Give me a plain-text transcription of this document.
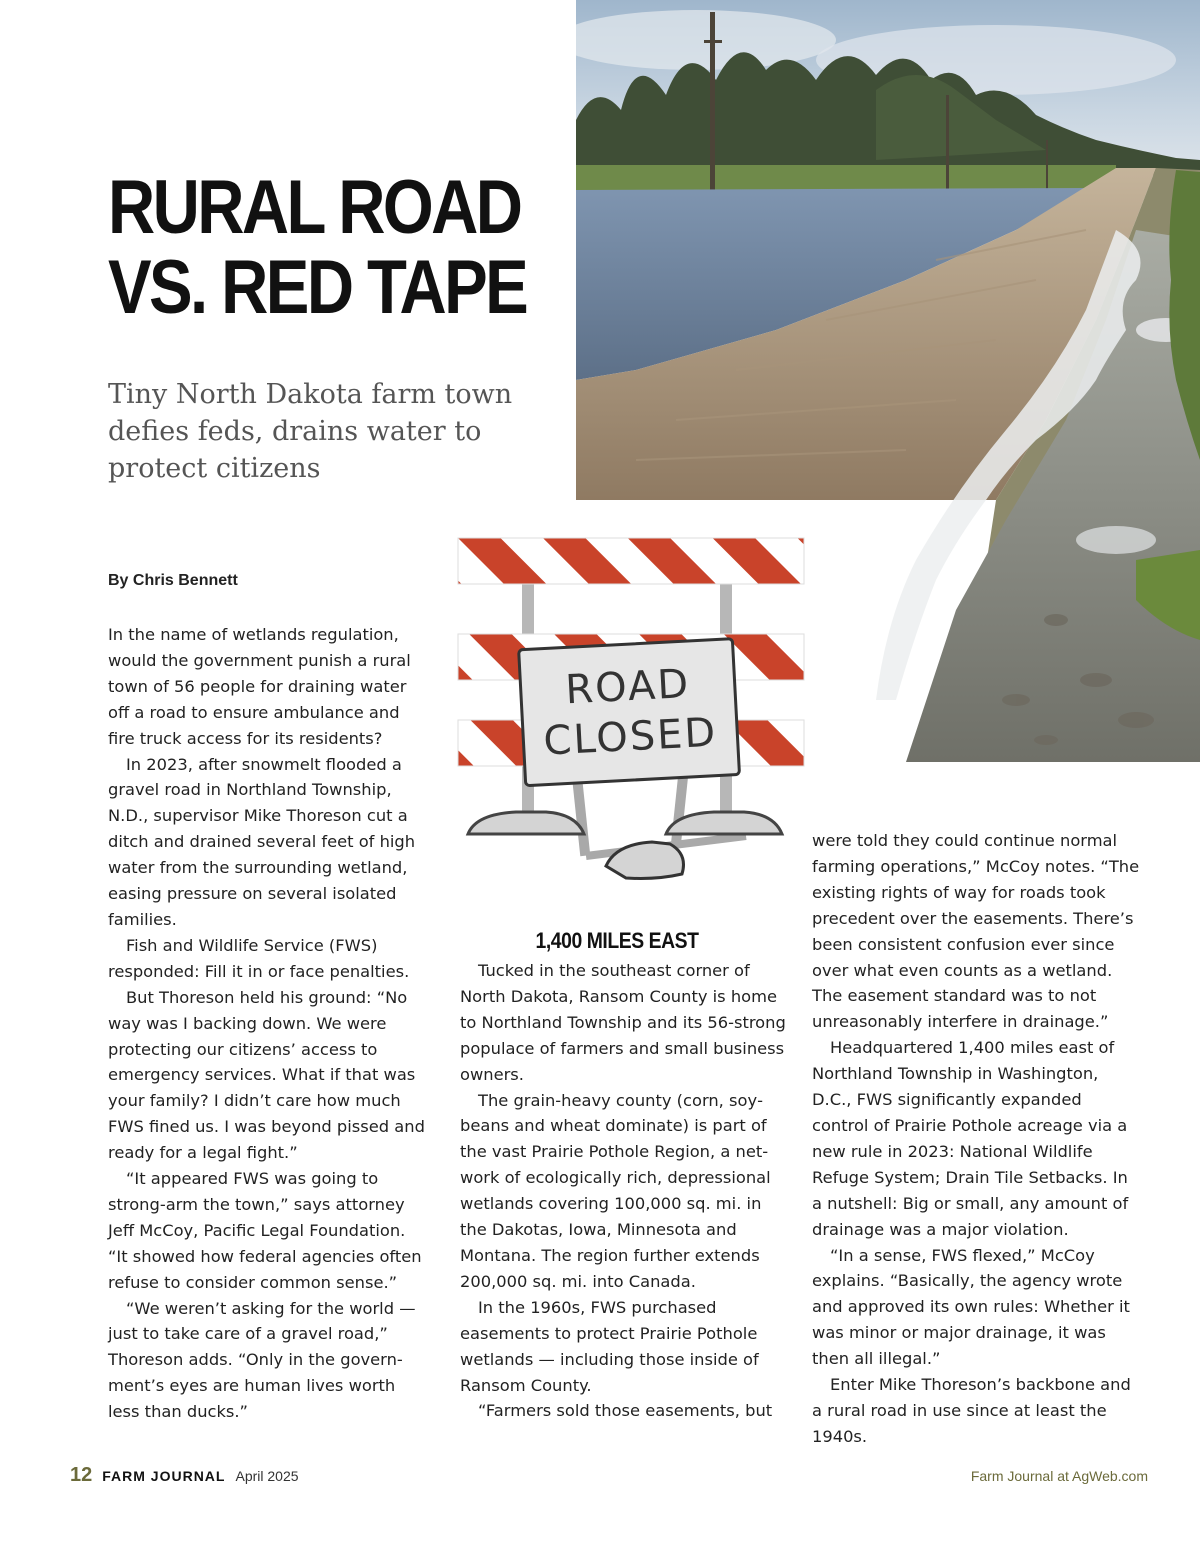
RURAL ROAD
VS. RED TAPE
Tiny North Dakota farm town defies feds, drains water to protect citizens

By Chris Bennett

ROAD
CLOSED

In the name of wetlands regulation, would the government punish a rural town of 56 people for draining water off a road to ensure ambulance and fire truck access for its residents?

In 2023, after snowmelt flooded a gravel road in Northland Township, N.D., supervisor Mike Thoreson cut a ditch and drained several feet of high water from the surrounding wetland, easing pressure on several isolated families.

Fish and Wildlife Service (FWS) responded: Fill it in or face penalties.

But Thoreson held his ground: “No way was I backing down. We were protecting our citizens’ access to emergency services. What if that was your family? I didn’t care how much FWS fined us. I was beyond pissed and ready for a legal fight.”

“It appeared FWS was going to strong-arm the town,” says attorney Jeff McCoy, Pacific Legal Foundation. “It showed how federal agencies often refuse to consider common sense.”

“We weren’t asking for the world — just to take care of a gravel road,” Thoreson adds. “Only in the government’s eyes are human lives worth less than ducks.”

1,400 MILES EAST

Tucked in the southeast corner of North Dakota, Ransom County is home to Northland Township and its 56-strong populace of farmers and small business owners.

The grain-heavy county (corn, soybeans and wheat dominate) is part of the vast Prairie Pothole Region, a network of ecologically rich, depressional wetlands covering 100,000 sq. mi. in the Dakotas, Iowa, Minnesota and Montana. The region further extends 200,000 sq. mi. into Canada.

In the 1960s, FWS purchased easements to protect Prairie Pothole wetlands — including those inside of Ransom County.

“Farmers sold those easements, but

were told they could continue normal farming operations,” McCoy notes. “The existing rights of way for roads took precedent over the easements. There’s been consistent confusion ever since over what even counts as a wetland. The easement standard was to not unreasonably interfere in drainage.”

Headquartered 1,400 miles east of Northland Township in Washington, D.C., FWS significantly expanded control of Prairie Pothole acreage via a new rule in 2023: National Wildlife Refuge System; Drain Tile Setbacks. In a nutshell: Big or small, any amount of drainage was a major violation.

“In a sense, FWS flexed,” McCoy explains. “Basically, the agency wrote and approved its own rules: Whether it was minor or major drainage, it was then all illegal.”

Enter Mike Thoreson’s backbone and a rural road in use since at least the 1940s.

12 FARM JOURNAL April 2025	Farm Journal at AgWeb.com
